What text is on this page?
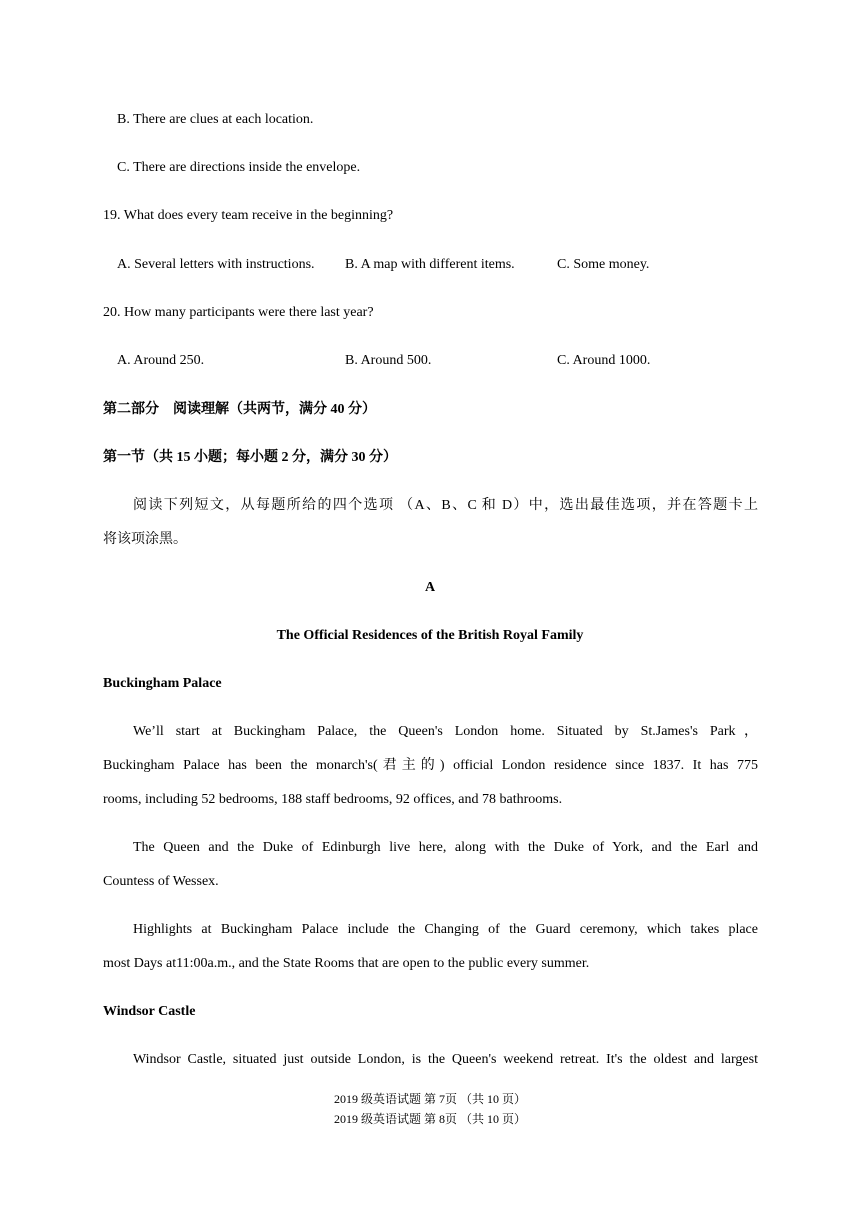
B. There are clues at each location.
C. There are directions inside the envelope.
19. What does every team receive in the beginning?
A. Several letters with instructions. B. A map with different items.	C. Some money.
20. How many participants were there last year?
A. Around 250.	B. Around 500.	C. Around 1000.
第二部分　阅读理解（共两节，满分 40 分）
第一节（共 15 小题；每小题 2 分，满分 30 分）
阅读下列短文，从每题所给的四个选项 （A、B、C 和 D）中，选出最佳选项，并在答题卡上
将该项涂黑。
A
The Official Residences of the British Royal Family
Buckingham Palace
We’ll start at Buckingham Palace, the Queen's London home. Situated by St.James's Park，
Buckingham Palace has been the monarch's(君主的) official London residence since 1837. It has 775
rooms, including 52 bedrooms, 188 staff bedrooms, 92 offices, and 78 bathrooms.
The Queen and the Duke of Edinburgh live here, along with the Duke of York, and the Earl and
Countess of Wessex.
Highlights at Buckingham Palace include the Changing of the Guard ceremony, which takes place
most Days at11:00a.m., and the State Rooms that are open to the public every summer.
Windsor Castle
Windsor Castle, situated just outside London, is the Queen's weekend retreat. It's the oldest and largest
2019 级英语试题 第 7页 （共 10 页）
2019 级英语试题 第 8页 （共 10 页）
